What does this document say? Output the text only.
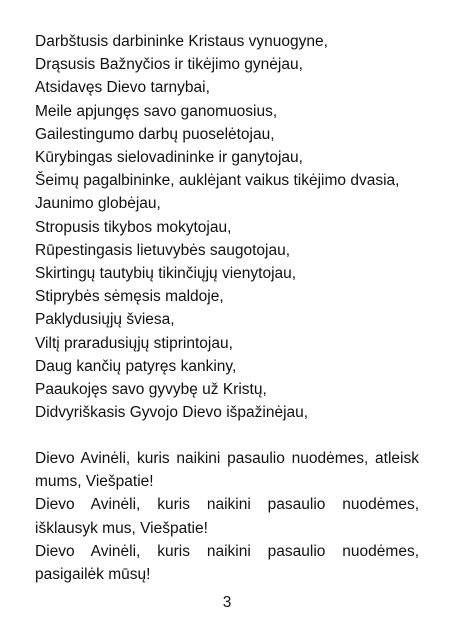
Darbštusis darbininke Kristaus vynuogyne,
Drąsusis Bažnyčios ir tikėjimo gynėjau,
Atsidavęs Dievo tarnybai,
Meile apjungęs savo ganomuosius,
Gailestingumo darbų puoselėtojau,
Kūrybingas sielovadininke ir ganytojau,
Šeimų pagalbininke, auklėjant vaikus tikėjimo dvasia,
Jaunimo globėjau,
Stropusis tikybos mokytojau,
Rūpestingasis lietuvybės saugotojau,
Skirtingų tautybių tikinčiųjų vienytojau,
Stiprybės sėmęsis maldoje,
Paklydusiųjų šviesa,
Viltį praradusiųjų stiprintojau,
Daug kančių patyręs kankiny,
Paaukojęs savo gyvybę už Kristų,
Didvyriškasis Gyvojo Dievo išpažinėjau,
Dievo Avinėli, kuris naikini pasaulio nuodėmes, atleisk mums, Viešpatie!
Dievo Avinėli, kuris naikini pasaulio nuodėmes, išklausyk mus, Viešpatie!
Dievo Avinėli, kuris naikini pasaulio nuodėmes, pasigailėk mūsų!
3
